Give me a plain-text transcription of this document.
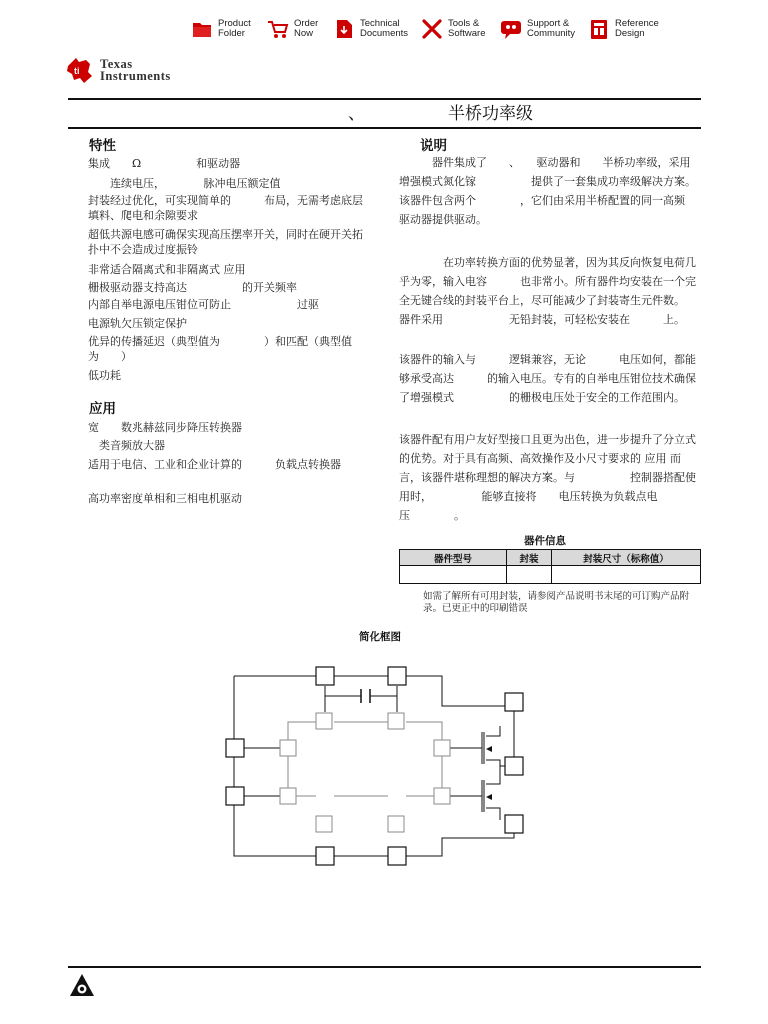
Product
Folder
Order
Now
Technical
Documents
Tools &
Software
Support &
Community
Reference
Design
ti Texas
Instruments
、	半桥功率级
特性
集成　　Ω　　　　　和驱动器
　　连续电压，　　　　脉冲电压额定值
封装经过优化，可实现简单的　　　布局，无需考虑底层填料、爬电和余隙要求
超低共源电感可确保实现高压摆率开关，同时在硬开关拓扑中不会造成过度振铃
非常适合隔离式和非隔离式 应用
栅极驱动器支持高达　　　　　的开关频率
内部自举电源电压钳位可防止　　　　　　过驱
电源轨欠压锁定保护
优异的传播延迟（典型值为　　　　）和匹配（典型值为　　）
低功耗
应用
宽　　数兆赫兹同步降压转换器
　类音频放大器
适用于电信、工业和企业计算的　　　负载点转换器
高功率密度单相和三相电机驱动
说明
　　　器件集成了　　、　　驱动器和　　半桥功率级，采用增强模式氮化镓　　　　　提供了一套集成功率级解决方案。该器件包含两个　　　　，它们由采用半桥配置的同一高频　　　　　驱动器提供驱动。
　　　　在功率转换方面的优势显著，因为其反向恢复电荷几乎为零，输入电容　　　也非常小。所有器件均安装在一个完全无键合线的封装平台上，尽可能减少了封装寄生元件数。　　　　器件采用　　　　　　无铅封装，可轻松安装在　　　上。
该器件的输入与　　　逻辑兼容，无论　　　电压如何，都能够承受高达　　　的输入电压。专有的自举电压钳位技术确保了增强模式　　　　　的栅极电压处于安全的工作范围内。
该器件配有用户友好型接口且更为出色，进一步提升了分立式　　　　的优势。对于具有高频、高效操作及小尺寸要求的 应用 而言，该器件堪称理想的解决方案。与　　　　　控制器搭配使用时，　　　　　能够直接将　　电压转换为负载点电压　　　　。
器件信息
器件型号	封装	封装尺寸（标称值）

如需了解所有可用封装，请参阅产品说明书末尾的可订购产品附录。已更正中的印刷错误
简化框图
